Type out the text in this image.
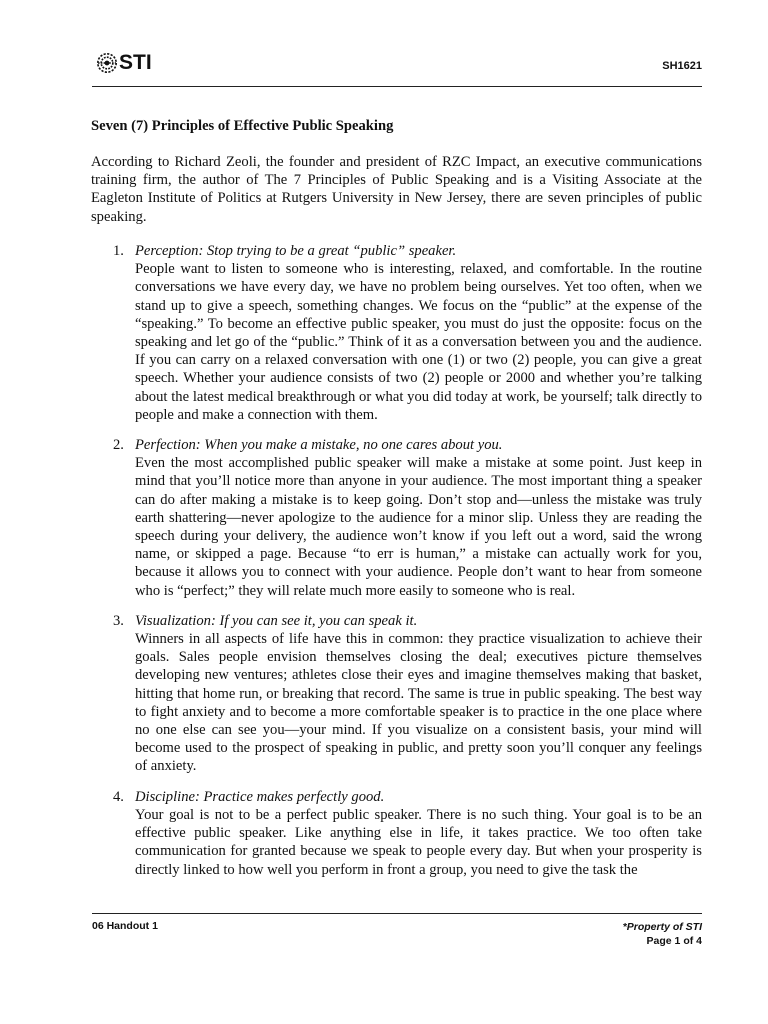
STI	SH1621
Seven (7) Principles of Effective Public Speaking

According to Richard Zeoli, the founder and president of RZC Impact, an executive communications training firm, the author of The 7 Principles of Public Speaking and is a Visiting Associate at the Eagleton Institute of Politics at Rutgers University in New Jersey, there are seven principles of public speaking.

1. Perception: Stop trying to be a great “public” speaker.

People want to listen to someone who is interesting, relaxed, and comfortable. In the routine conversations we have every day, we have no problem being ourselves. Yet too often, when we stand up to give a speech, something changes. We focus on the “public” at the expense of the “speaking.” To become an effective public speaker, you must do just the opposite: focus on the speaking and let go of the “public.” Think of it as a conversation between you and the audience. If you can carry on a relaxed conversation with one (1) or two (2) people, you can give a great speech. Whether your audience consists of two (2) people or 2000 and whether you’re talking about the latest medical breakthrough or what you did today at work, be yourself; talk directly to people and make a connection with them.

2. Perfection: When you make a mistake, no one cares about you.

Even the most accomplished public speaker will make a mistake at some point. Just keep in mind that you’ll notice more than anyone in your audience. The most important thing a speaker can do after making a mistake is to keep going. Don’t stop and—unless the mistake was truly earth shattering—never apologize to the audience for a minor slip. Unless they are reading the speech during your delivery, the audience won’t know if you left out a word, said the wrong name, or skipped a page. Because “to err is human,” a mistake can actually work for you, because it allows you to connect with your audience. People don’t want to hear from someone who is “perfect;” they will relate much more easily to someone who is real.

3. Visualization: If you can see it, you can speak it.

Winners in all aspects of life have this in common: they practice visualization to achieve their goals. Sales people envision themselves closing the deal; executives picture themselves developing new ventures; athletes close their eyes and imagine themselves making that basket, hitting that home run, or breaking that record. The same is true in public speaking. The best way to fight anxiety and to become a more comfortable speaker is to practice in the one place where no one else can see you—your mind. If you visualize on a consistent basis, your mind will become used to the prospect of speaking in public, and pretty soon you’ll conquer any feelings of anxiety.

4. Discipline: Practice makes perfectly good.

Your goal is not to be a perfect public speaker. There is no such thing. Your goal is to be an effective public speaker. Like anything else in life, it takes practice. We too often take communication for granted because we speak to people every day. But when your prosperity is directly linked to how well you perform in front a group, you need to give the task the

06 Handout 1	*Property of STI
Page 1 of 4
